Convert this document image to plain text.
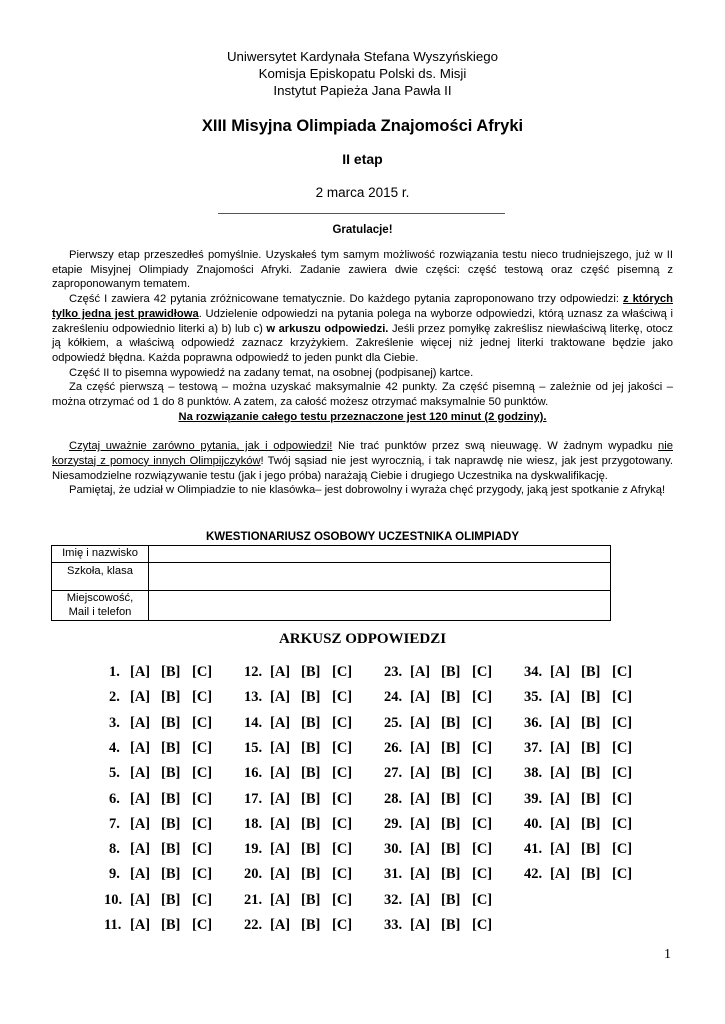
Uniwersytet Kardynała Stefana Wyszyńskiego
Komisja Episkopatu Polski ds. Misji
Instytut Papieża Jana Pawła II
XIII Misyjna Olimpiada Znajomości Afryki
II etap
2 marca 2015 r.
Gratulacje!

Pierwszy etap przeszedłeś pomyślnie. Uzyskałeś tym samym możliwość rozwiązania testu nieco trudniejszego, już w II etapie Misyjnej Olimpiady Znajomości Afryki. Zadanie zawiera dwie części: część testową oraz część pisemną z zaproponowanym tematem.

Część I zawiera 42 pytania zróżnicowane tematycznie. Do każdego pytania zaproponowano trzy odpowiedzi: z których tylko jedna jest prawidłowa. Udzielenie odpowiedzi na pytania polega na wyborze odpowiedzi, którą uznasz za właściwą i zakreśleniu odpowiednio literki a) b) lub c) w arkuszu odpowiedzi. Jeśli przez pomyłkę zakreślisz niewłaściwą literkę, otocz ją kółkiem, a właściwą odpowiedź zaznacz krzyżykiem. Zakreślenie więcej niż jednej literki traktowane będzie jako odpowiedź błędna. Każda poprawna odpowiedź to jeden punkt dla Ciebie.

Część II to pisemna wypowiedź na zadany temat, na osobnej (podpisanej) kartce.

Za część pierwszą – testową – można uzyskać maksymalnie 42 punkty. Za część pisemną – zależnie od jej jakości – można otrzymać od 1 do 8 punktów. A zatem, za całość możesz otrzymać maksymalnie 50 punktów.

Na rozwiązanie całego testu przeznaczone jest 120 minut (2 godziny).

Czytaj uważnie zarówno pytania, jak i odpowiedzi! Nie trać punktów przez swą nieuwagę. W żadnym wypadku nie korzystaj z pomocy innych Olimpijczyków! Twój sąsiad nie jest wyrocznią, i tak naprawdę nie wiesz, jak jest przygotowany. Niesamodzielne rozwiązywanie testu (jak i jego próba) narażają Ciebie i drugiego Uczestnika na dyskwalifikację.

Pamiętaj, że udział w Olimpiadzie to nie klasówka– jest dobrowolny i wyraża chęć przygody, jaką jest spotkanie z Afryką!

KWESTIONARIUSZ OSOBOWY UCZESTNIKA OLIMPIADY
Imię i nazwisko	
Szkoła, klasa	

Miejscowość,
Mail i telefon	

ARKUSZ ODPOWIEDZI
1. [A] [B] [C]
2. [A] [B] [C]
3. [A] [B] [C]
4. [A] [B] [C]
5. [A] [B] [C]
6. [A] [B] [C]
7. [A] [B] [C]
8. [A] [B] [C]
9. [A] [B] [C]
10. [A] [B] [C]
11. [A] [B] [C]
12. [A] [B] [C]
13. [A] [B] [C]
14. [A] [B] [C]
15. [A] [B] [C]
16. [A] [B] [C]
17. [A] [B] [C]
18. [A] [B] [C]
19. [A] [B] [C]
20. [A] [B] [C]
21. [A] [B] [C]
22. [A] [B] [C]
23. [A] [B] [C]
24. [A] [B] [C]
25. [A] [B] [C]
26. [A] [B] [C]
27. [A] [B] [C]
28. [A] [B] [C]
29. [A] [B] [C]
30. [A] [B] [C]
31. [A] [B] [C]
32. [A] [B] [C]
33. [A] [B] [C]
34. [A] [B] [C]
35. [A] [B] [C]
36. [A] [B] [C]
37. [A] [B] [C]
38. [A] [B] [C]
39. [A] [B] [C]
40. [A] [B] [C]
41. [A] [B] [C]
42. [A] [B] [C]
1
